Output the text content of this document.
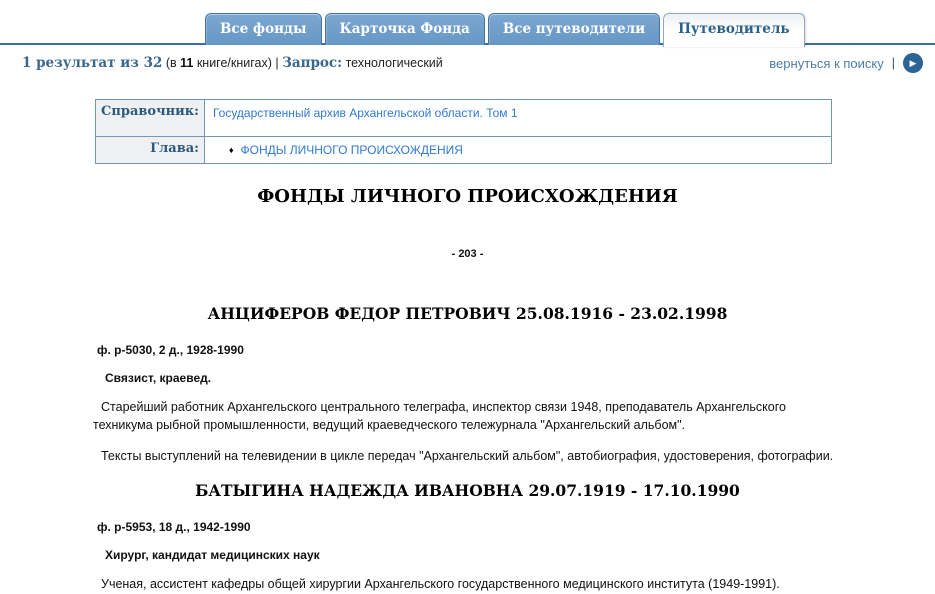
Все фонды	Карточка Фонда	Все путеводители	Путеводитель
1 результат из 32 (в 11 книге/книгах) | Запрос: технологический	вернуться к поиску |	▶
Справочник:	Государственный архив Архангельской области. Том 1
Глава:	♦ ФОНДЫ ЛИЧНОГО ПРОИСХОЖДЕНИЯ
ФОНДЫ ЛИЧНОГО ПРОИСХОЖДЕНИЯ
- 203 -
АНЦИФЕРОВ ФЕДОР ПЕТРОВИЧ 25.08.1916 - 23.02.1998
ф. р-5030, 2 д., 1928-1990
Связист, краевед.

Старейший работник Архангельского центрального телеграфа, инспектор связи 1948, преподаватель Архангельского техникума рыбной промышленности, ведущий краеведческого тележурнала "Архангельский альбом".

Тексты выступлений на телевидении в цикле передач "Архангельский альбом", автобиография, удостоверения, фотографии.

БАТЫГИНА НАДЕЖДА ИВАНОВНА 29.07.1919 - 17.10.1990
ф. р-5953, 18 д., 1942-1990
Хирург, кандидат медицинских наук

Ученая, ассистент кафедры общей хирургии Архангельского государственного медицинского института (1949-1991).
